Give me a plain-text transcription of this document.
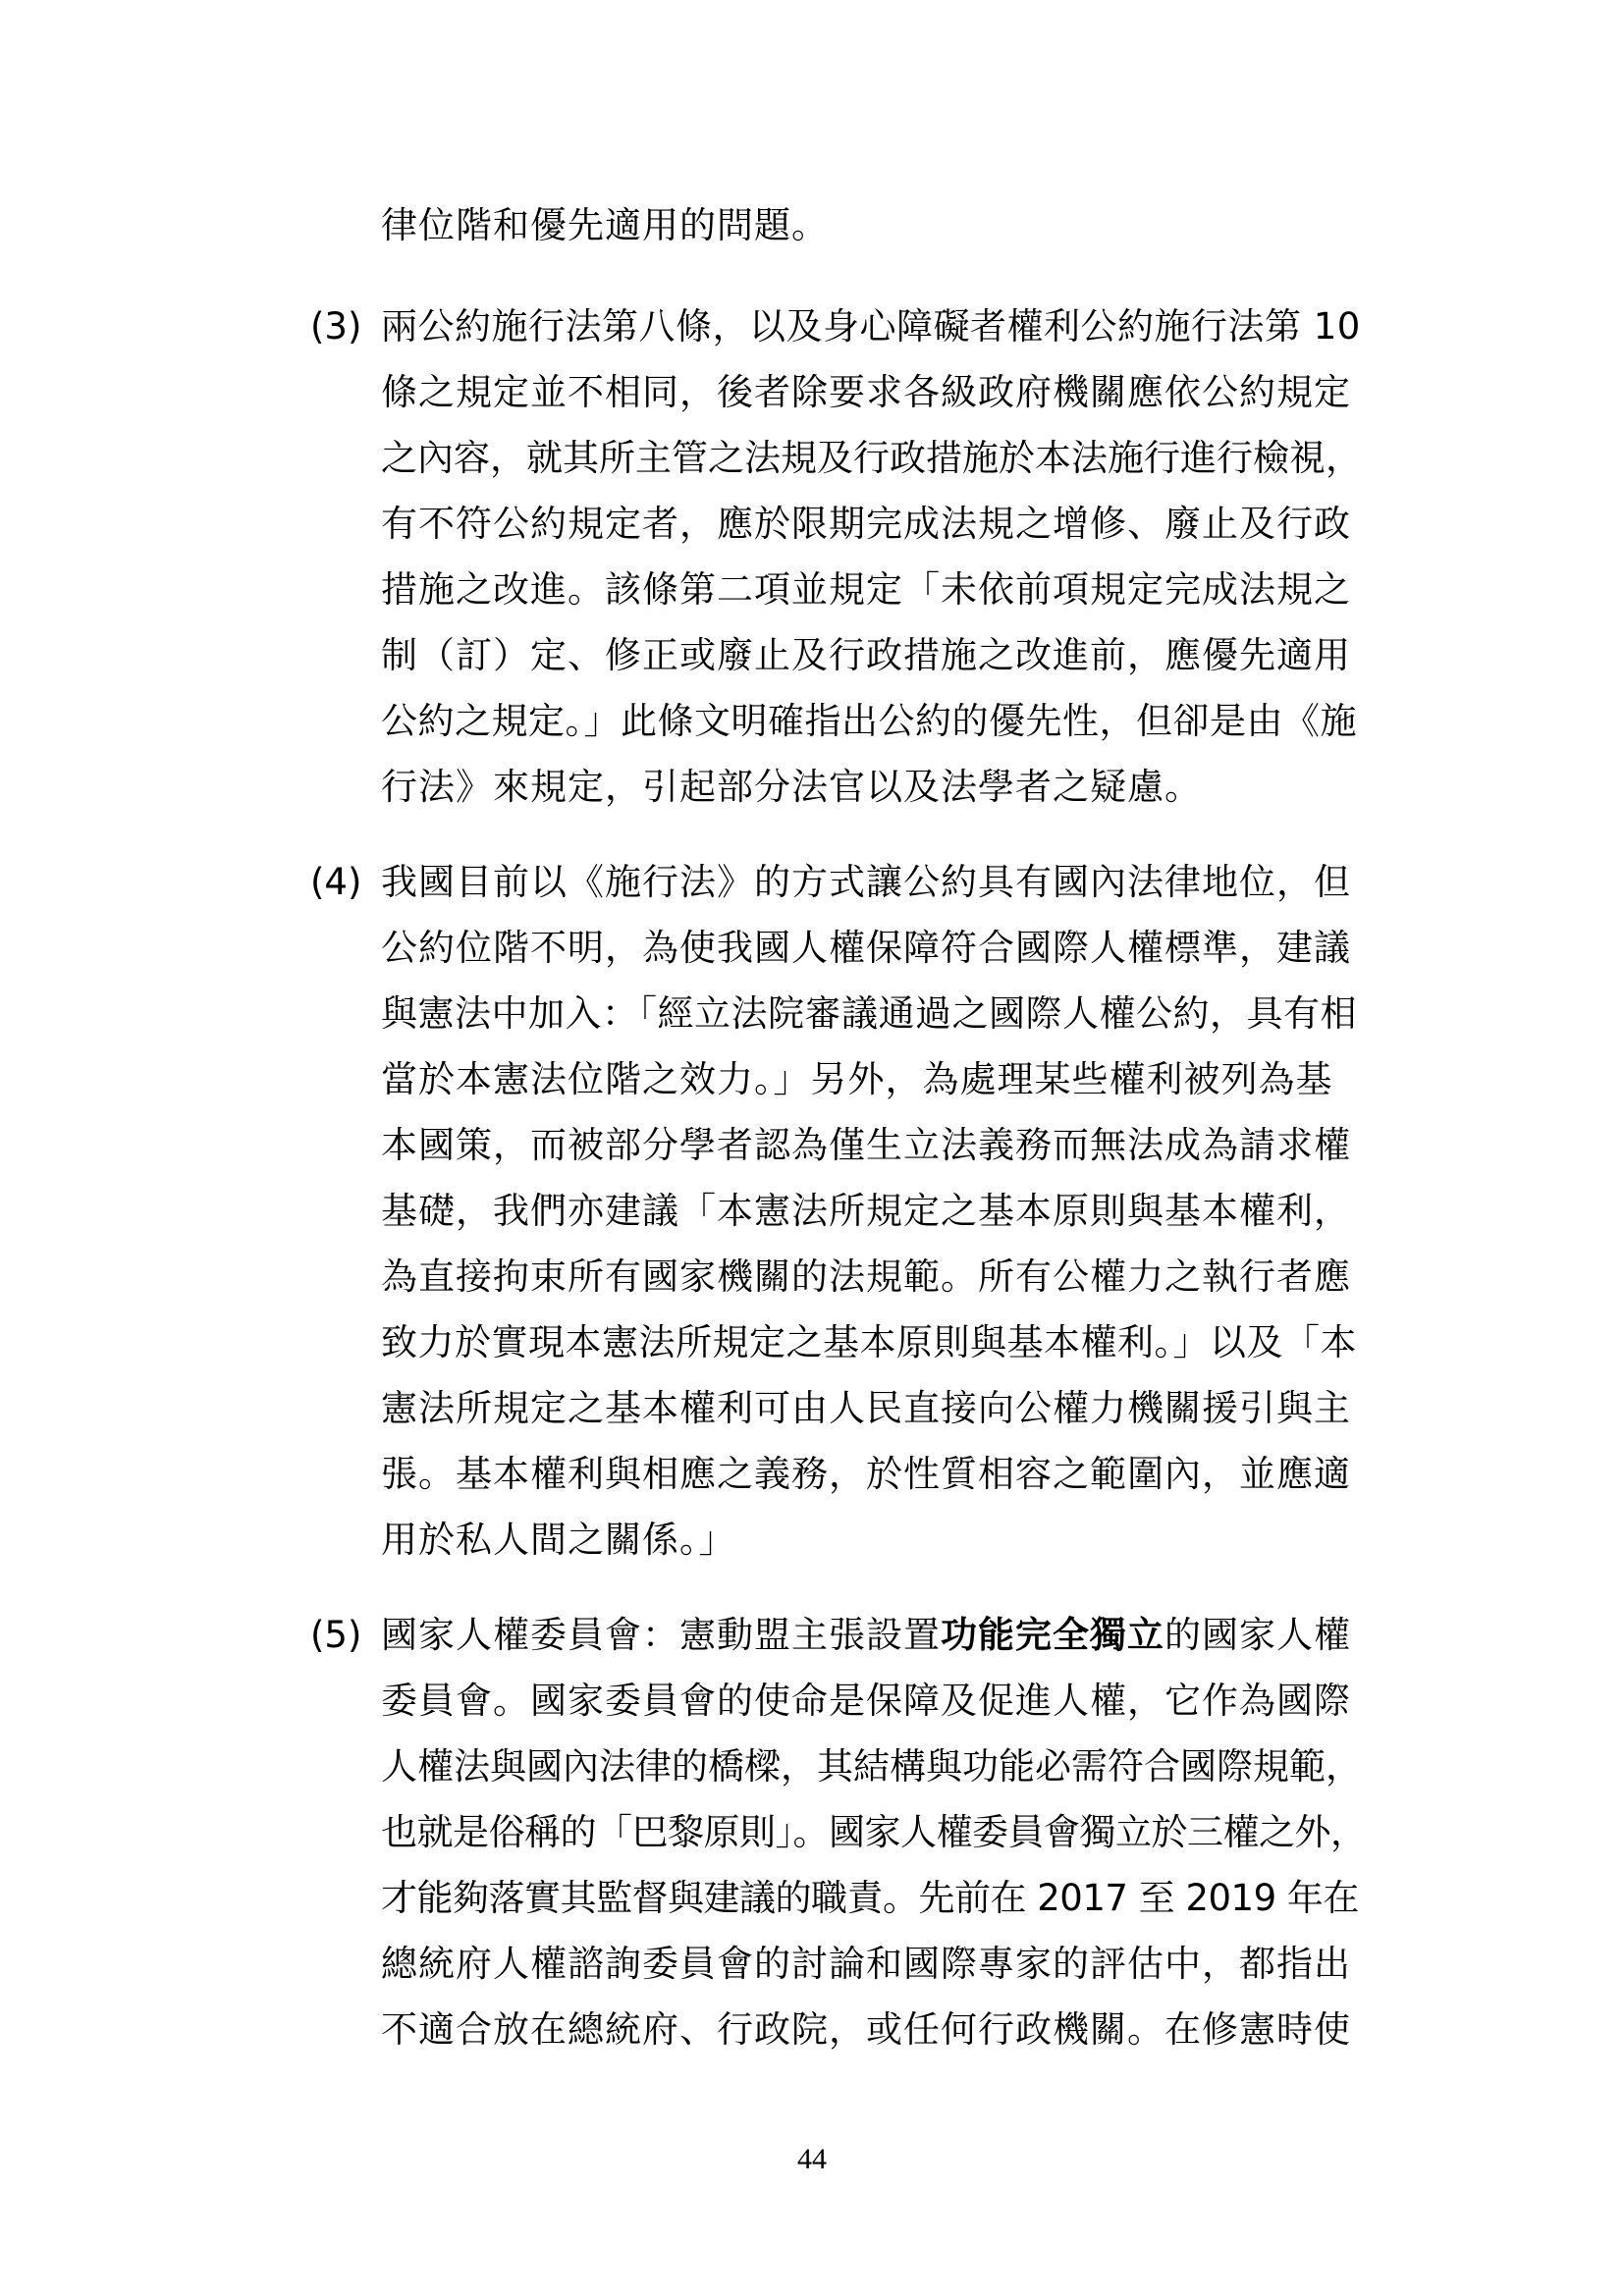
律位階和優先適用的問題。
(3) 兩公約施行法第八條，以及身心障礙者權利公約施行法第 10
條之規定並不相同，後者除要求各級政府機關應依公約規定
之內容，就其所主管之法規及行政措施於本法施行進行檢視，
有不符公約規定者，應於限期完成法規之增修、廢止及行政
措施之改進。該條第二項並規定「未依前項規定完成法規之
制（訂）定、修正或廢止及行政措施之改進前，應優先適用
公約之規定。」此條文明確指出公約的優先性，但卻是由《施
行法》來規定，引起部分法官以及法學者之疑慮。
(4) 我國目前以《施行法》的方式讓公約具有國內法律地位，但
公約位階不明，為使我國人權保障符合國際人權標準，建議
與憲法中加入：「經立法院審議通過之國際人權公約，具有相
當於本憲法位階之效力。」另外，為處理某些權利被列為基
本國策，而被部分學者認為僅生立法義務而無法成為請求權
基礎，我們亦建議「本憲法所規定之基本原則與基本權利，
為直接拘束所有國家機關的法規範。所有公權力之執行者應
致力於實現本憲法所規定之基本原則與基本權利。」以及「本
憲法所規定之基本權利可由人民直接向公權力機關援引與主
張。基本權利與相應之義務，於性質相容之範圍內，並應適
用於私人間之關係。」
(5) 國家人權委員會：憲動盟主張設置功能完全獨立的國家人權
委員會。國家委員會的使命是保障及促進人權，它作為國際
人權法與國內法律的橋樑，其結構與功能必需符合國際規範，
也就是俗稱的「巴黎原則」。國家人權委員會獨立於三權之外，
才能夠落實其監督與建議的職責。先前在 2017 至 2019 年在
總統府人權諮詢委員會的討論和國際專家的評估中，都指出
不適合放在總統府、行政院，或任何行政機關。在修憲時使
44
